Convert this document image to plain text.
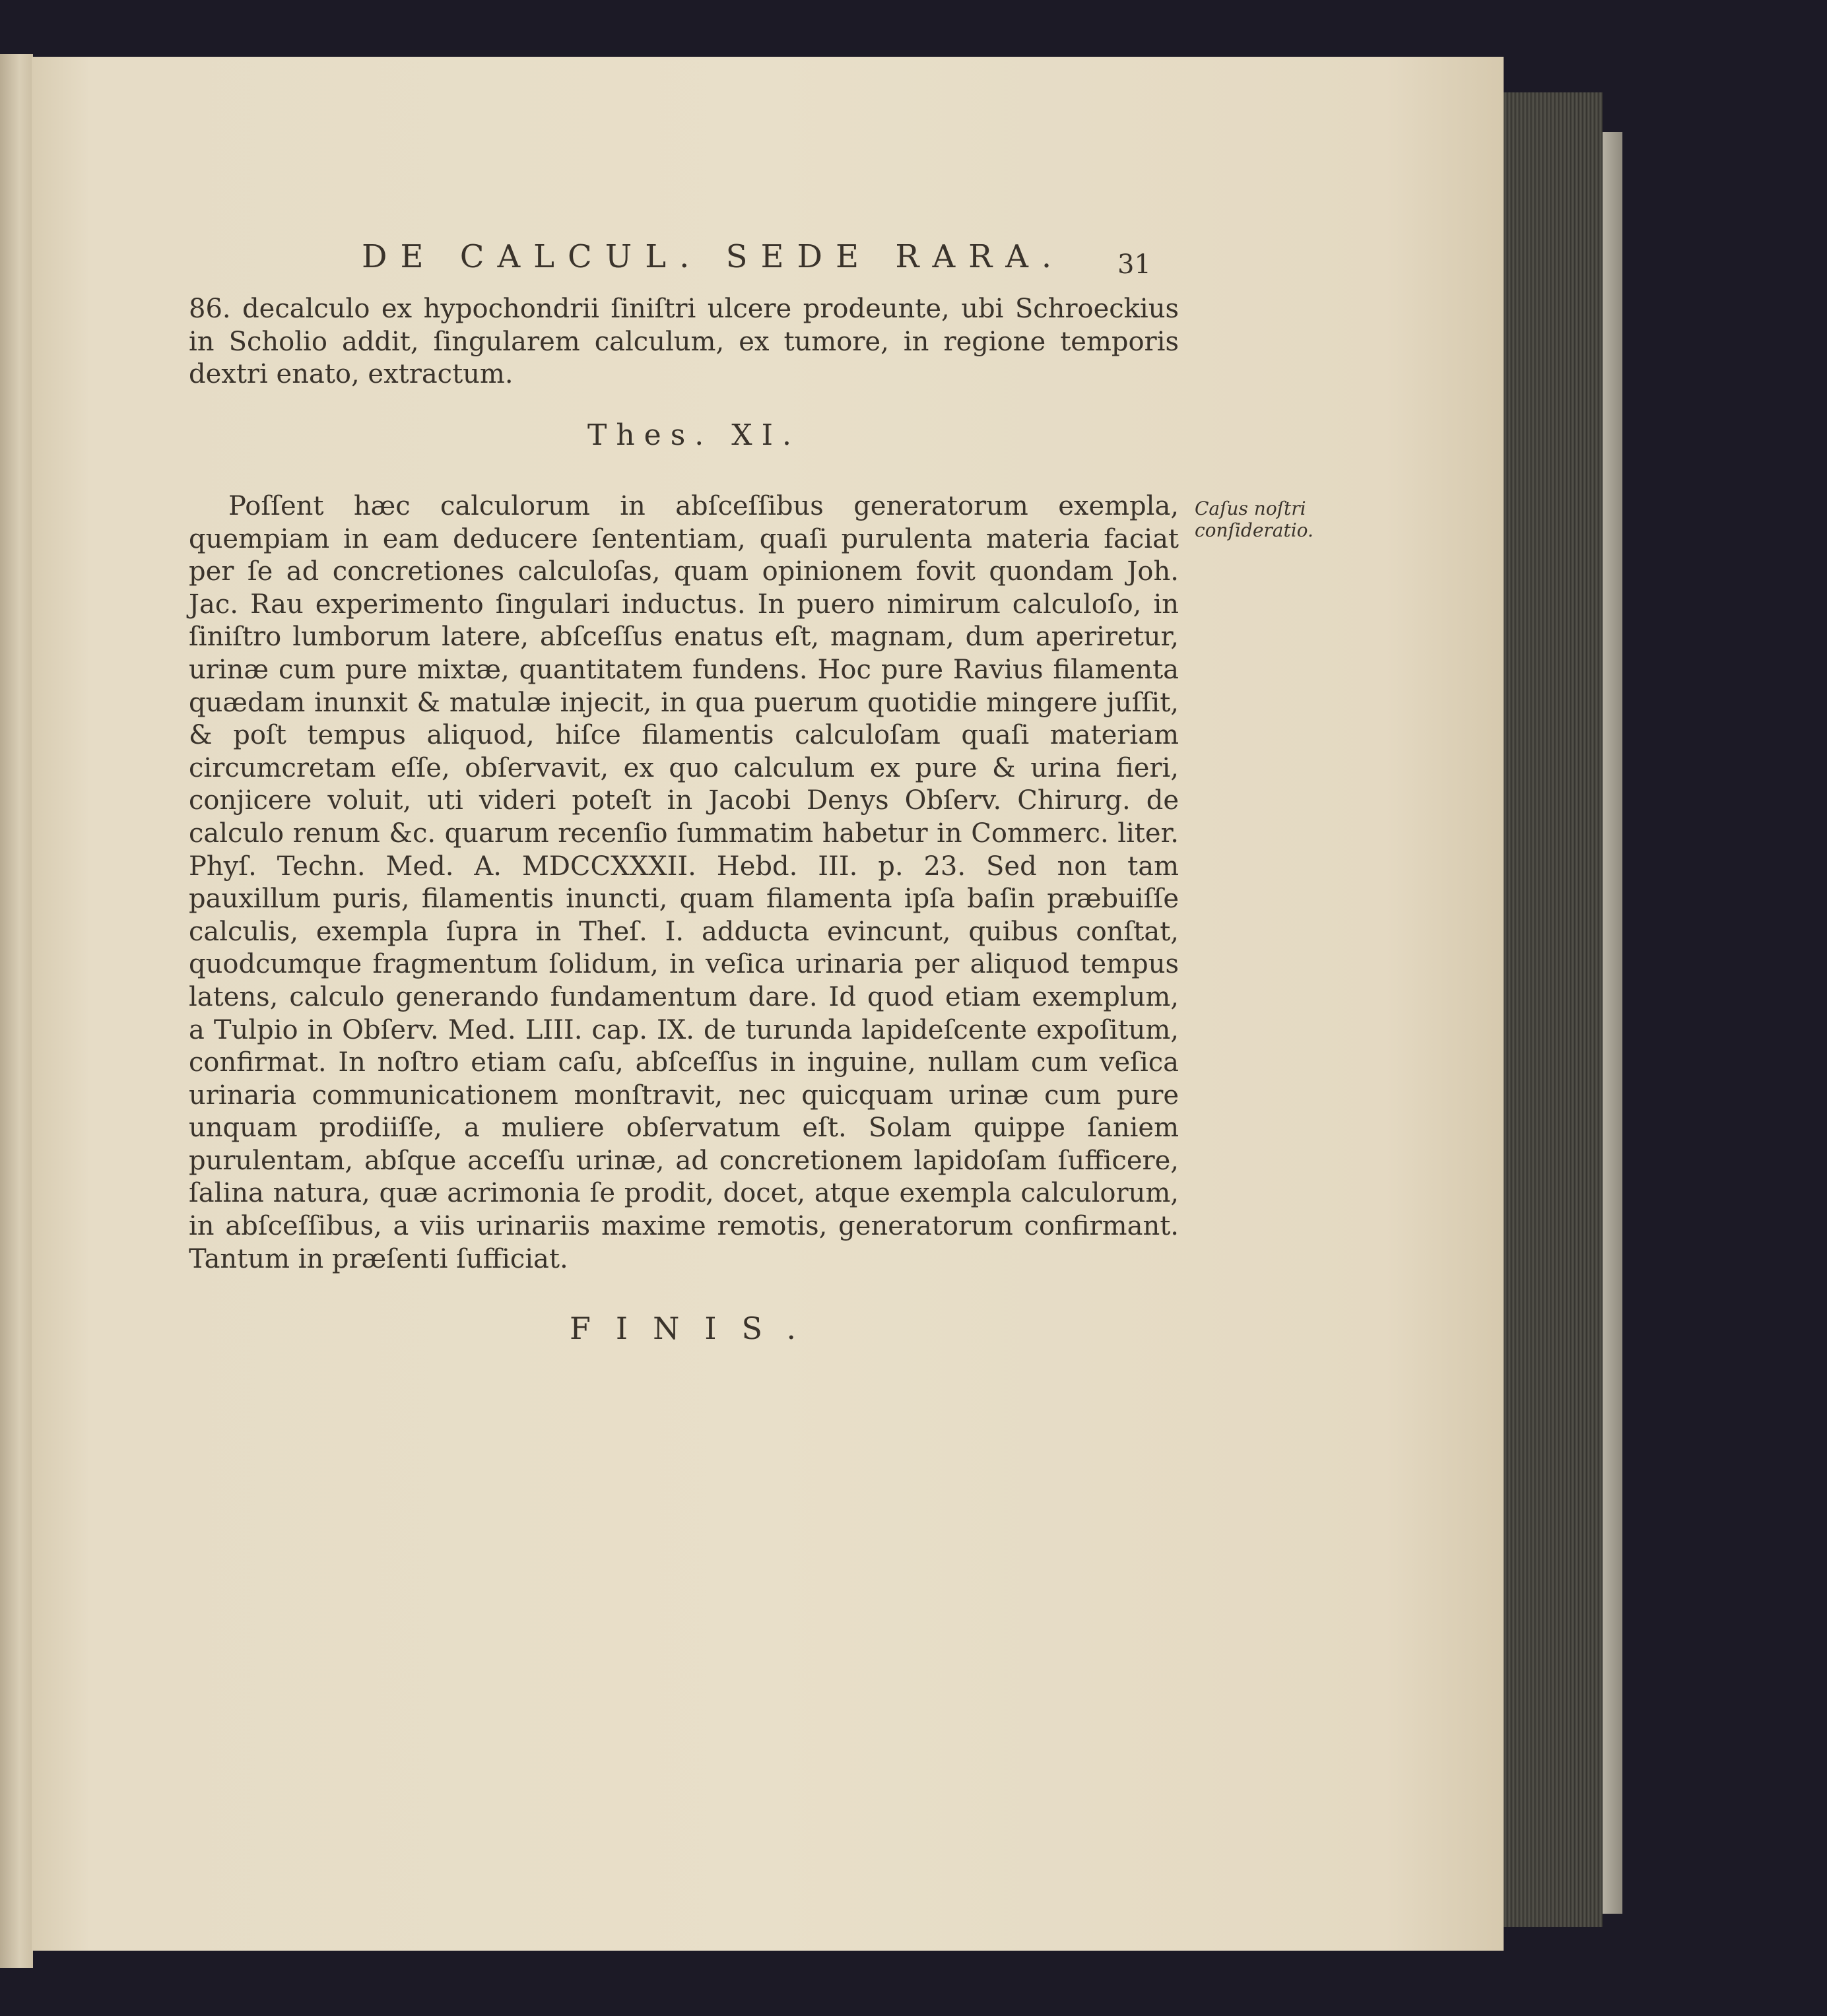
DE CALCUL. SEDE RARA.	31
86. decalculo ex hypochondrii ſiniſtri ulcere prodeunte, ubi Schroeckius in Scholio addit, ſingularem calculum, ex tumore, in regione temporis dextri enato, extractum.
Thes. XI.
Poſſent hæc calculorum in abſceſſibus generatorum exempla, quempiam in eam deducere ſententiam, quaſi purulenta materia faciat per ſe ad concretiones calculoſas, quam opinionem fovit quondam Joh. Jac. Rau experimento ſingulari inductus. In puero nimirum calculoſo, in ſiniſtro lumborum latere, abſceſſus enatus eſt, magnam, dum aperiretur, urinæ cum pure mixtæ, quantitatem fundens. Hoc pure Ravius filamenta quædam inunxit & matulæ injecit, in qua puerum quotidie mingere juſſit, & poſt tempus aliquod, hiſce filamentis calculoſam quaſi materiam circumcretam eſſe, obſervavit, ex quo calculum ex pure & urina fieri, conjicere voluit, uti videri poteſt in Jacobi Denys Obſerv. Chirurg. de calculo renum &c. quarum recenſio ſummatim habetur in Commerc. liter. Phyſ. Techn. Med. A. MDCCXXXII. Hebd. III. p. 23. Sed non tam pauxillum puris, filamentis inuncti, quam filamenta ipſa baſin præbuiſſe calculis, exempla ſupra in Theſ. I. adducta evincunt, quibus conſtat, quodcumque fragmentum ſolidum, in veſica urinaria per aliquod tempus latens, calculo generando fundamentum dare. Id quod etiam exemplum, a Tulpio in Obſerv. Med. LIII. cap. IX. de turunda lapideſcente expoſitum, confirmat. In noſtro etiam caſu, abſceſſus in inguine, nullam cum veſica urinaria communicationem monſtravit, nec quicquam urinæ cum pure unquam prodiiſſe, a muliere obſervatum eſt. Solam quippe ſaniem purulentam, abſque acceſſu urinæ, ad concretionem lapidoſam ſufficere, ſalina natura, quæ acrimonia ſe prodit, docet, atque exempla calculorum, in abſceſſibus, a viis urinariis maxime remotis, generatorum confirmant. Tantum in præſenti ſufficiat.
Caſus noſtri conſideratio.
FINIS.
